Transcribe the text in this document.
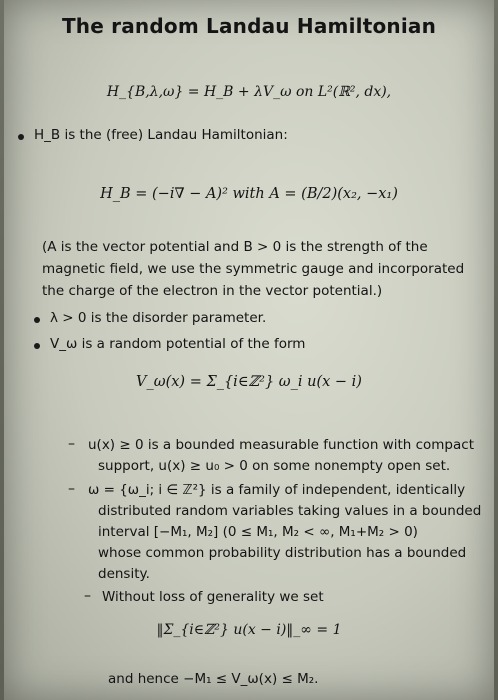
The random Landau Hamiltonian
H_{B,λ,ω} = H_B + λV_ω on L²(ℝ², dx),
H_B is the (free) Landau Hamiltonian:
H_B = (−i∇ − A)² with A = (B/2)(x₂, −x₁)
(A is the vector potential and B > 0 is the strength of the
magnetic field, we use the symmetric gauge and incorporated
the charge of the electron in the vector potential.)
λ > 0 is the disorder parameter.
V_ω is a random potential of the form
V_ω(x) = Σ_{i∈ℤ²} ω_i u(x − i)
– u(x) ≥ 0 is a bounded measurable function with compact
support, u(x) ≥ u₀ > 0 on some nonempty open set.
– ω = {ω_i; i ∈ ℤ²} is a family of independent, identically
distributed random variables taking values in a bounded
interval [−M₁, M₂] (0 ≤ M₁, M₂ < ∞, M₁+M₂ > 0)
whose common probability distribution has a bounded
density.
– Without loss of generality we set
‖Σ_{i∈ℤ²} u(x − i)‖_∞ = 1
and hence −M₁ ≤ V_ω(x) ≤ M₂.
